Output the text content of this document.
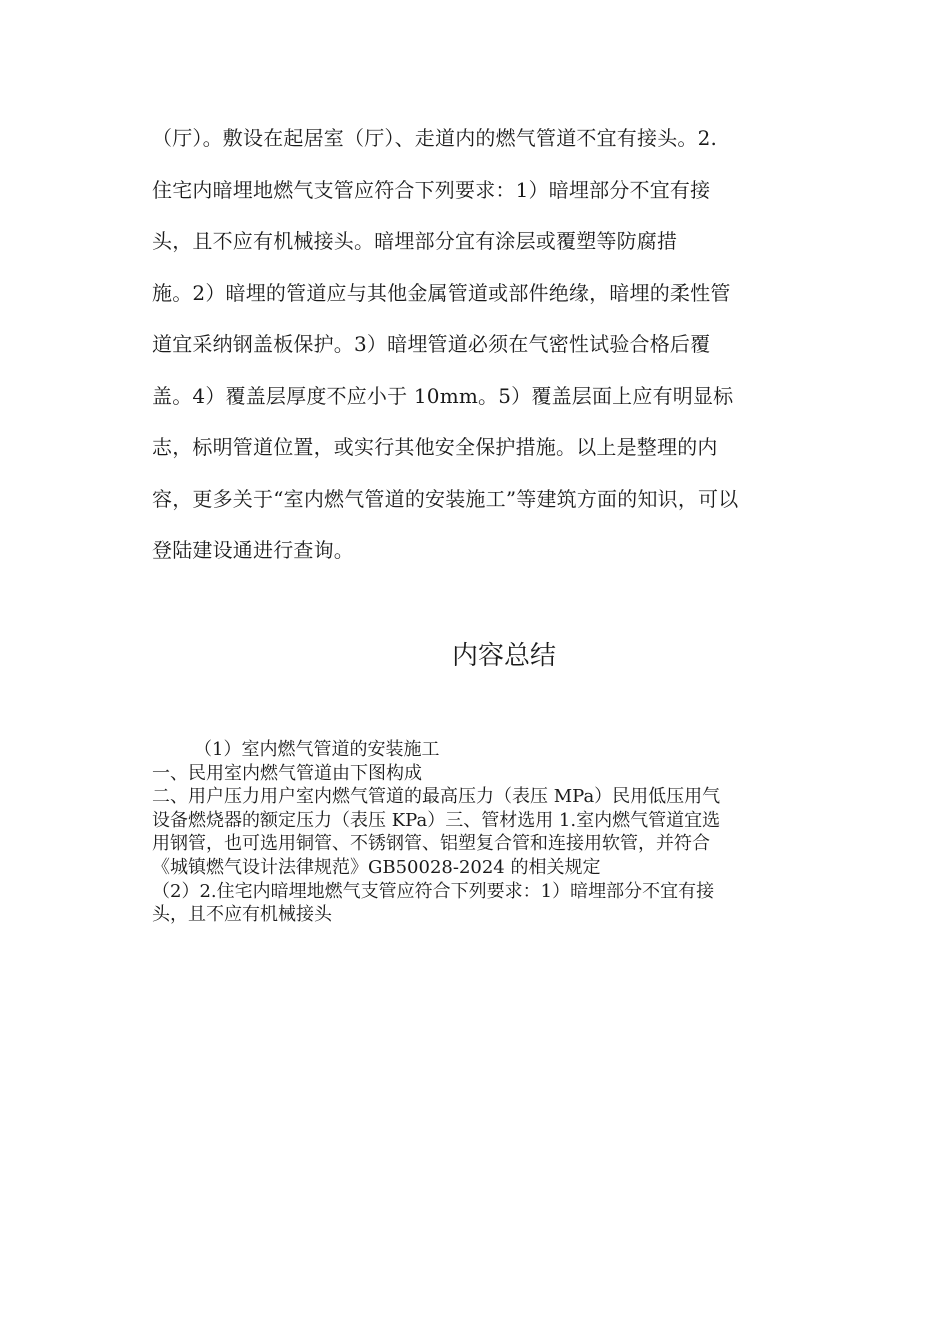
（厅）。敷设在起居室（厅）、走道内的燃气管道不宜有接头。2.
住宅内暗埋地燃气支管应符合下列要求：1）暗埋部分不宜有接
头，且不应有机械接头。暗埋部分宜有涂层或覆塑等防腐措
施。2）暗埋的管道应与其他金属管道或部件绝缘，暗埋的柔性管
道宜采纳钢盖板保护。3）暗埋管道必须在气密性试验合格后覆
盖。4）覆盖层厚度不应小于 10mm。5）覆盖层面上应有明显标
志，标明管道位置，或实行其他安全保护措施。以上是整理的内
容，更多关于“室内燃气管道的安装施工”等建筑方面的知识，可以
登陆建设通进行查询。
内容总结
（1）室内燃气管道的安装施工
一、民用室内燃气管道由下图构成
二、用户压力用户室内燃气管道的最高压力（表压 MPa）民用低压用气
设备燃烧器的额定压力（表压 KPa）三、管材选用 1.室内燃气管道宜选
用钢管，也可选用铜管、不锈钢管、铝塑复合管和连接用软管，并符合
《城镇燃气设计法律规范》GB50028-2024 的相关规定
（2）2.住宅内暗埋地燃气支管应符合下列要求：1）暗埋部分不宜有接
头，且不应有机械接头
